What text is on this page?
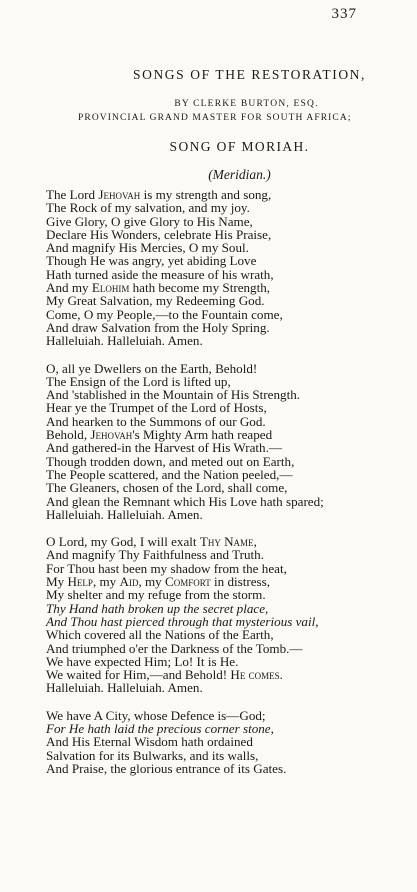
337
SONGS OF THE RESTORATION,
BY CLERKE BURTON, ESQ.
PROVINCIAL GRAND MASTER FOR SOUTH AFRICA;
SONG OF MORIAH.
(Meridian.)
The Lord Jehovah is my strength and song,
The Rock of my salvation, and my joy.
Give Glory, O give Glory to His Name,
Declare His Wonders, celebrate His Praise,
And magnify His Mercies, O my Soul.
Though He was angry, yet abiding Love
Hath turned aside the measure of his wrath,
And my Elohim hath become my Strength,
My Great Salvation, my Redeeming God.
Come, O my People,—to the Fountain come,
And draw Salvation from the Holy Spring.
Halleluiah. Halleluiah. Amen.
O, all ye Dwellers on the Earth, Behold!
The Ensign of the Lord is lifted up,
And 'stablished in the Mountain of His Strength.
Hear ye the Trumpet of the Lord of Hosts,
And hearken to the Summons of our God.
Behold, Jehovah's Mighty Arm hath reaped
And gathered-in the Harvest of His Wrath.—
Though trodden down, and meted out on Earth,
The People scattered, and the Nation peeled,—
The Gleaners, chosen of the Lord, shall come,
And glean the Remnant which His Love hath spared;
Halleluiah. Halleluiah. Amen.
O Lord, my God, I will exalt Thy Name,
And magnify Thy Faithfulness and Truth.
For Thou hast been my shadow from the heat,
My Help, my Aid, my Comfort in distress,
My shelter and my refuge from the storm.
Thy Hand hath broken up the secret place,
And Thou hast pierced through that mysterious vail,
Which covered all the Nations of the Earth,
And triumphed o'er the Darkness of the Tomb.—
We have expected Him; Lo! It is He.
We waited for Him,—and Behold! He comes.
Halleluiah. Halleluiah. Amen.
We have A City, whose Defence is—God;
For He hath laid the precious corner stone,
And His Eternal Wisdom hath ordained
Salvation for its Bulwarks, and its walls,
And Praise, the glorious entrance of its Gates.
